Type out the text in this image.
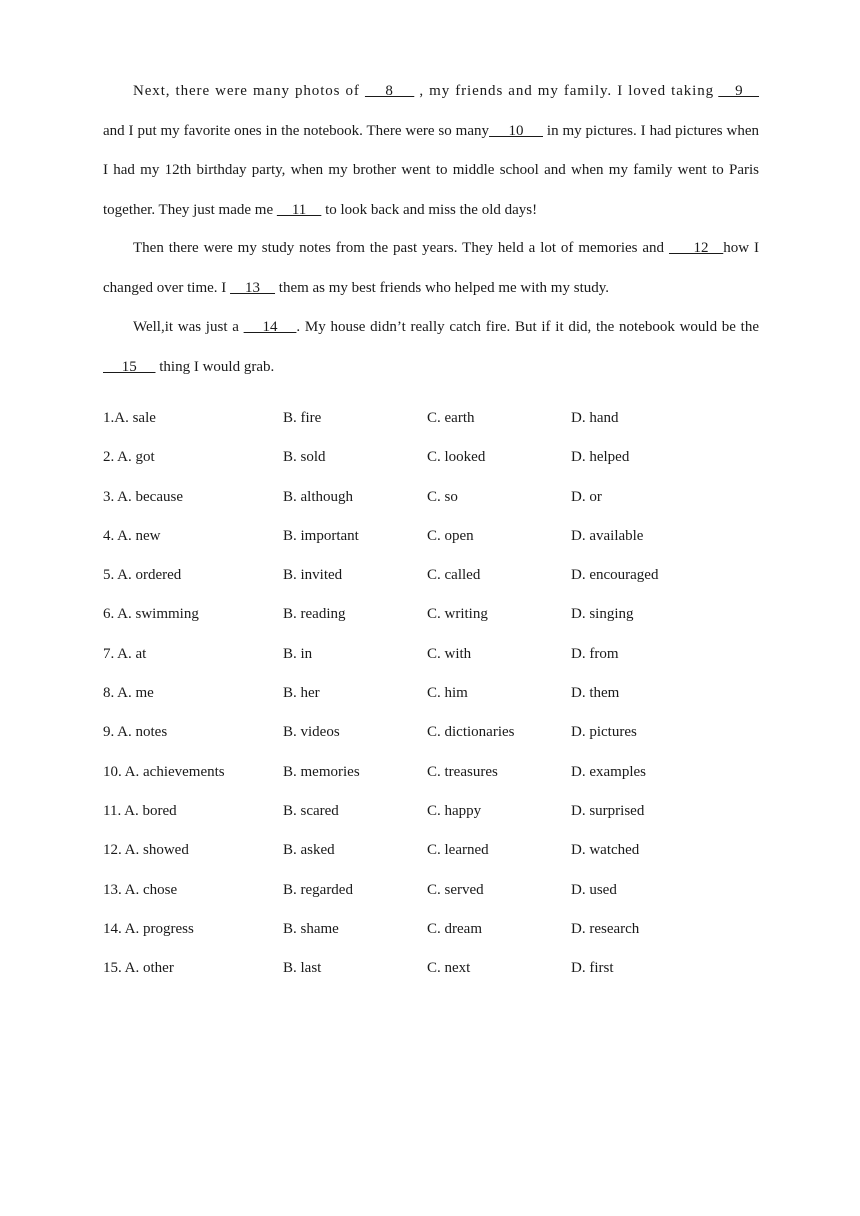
Next, there were many photos of     8     , my friends and my family. I loved taking     9     and I put my favorite ones in the notebook. There were so many     10      in my pictures. I had pictures when I had my 12th birthday party, when my brother went to middle school and when my family went to Paris together. They just made me     11     to look back and miss the old days!

Then there were my study notes from the past years. They held a lot of memories and      12   how I changed over time. I     13     them as my best friends who helped me with my study.

Well,it was just a     14    . My house didn’t really catch fire. But if it did, the notebook would be the     15      thing I would grab.

1.A. sale	B. fire	C. earth	D. hand
2. A. got	B. sold	C. looked	D. helped
3. A. because	B. although	C. so	D. or
4. A. new	B. important	C. open	D. available
5. A. ordered	B. invited	C. called	D. encouraged
6. A. swimming	B. reading	C. writing	D. singing
7. A. at	B. in	C. with	D. from
8. A. me	B. her	C. him	D. them
9. A. notes	B. videos	C. dictionaries	D. pictures
10. A. achievements	B. memories	C. treasures	D. examples
11. A. bored	B. scared	C. happy	D. surprised
12. A. showed	B. asked	C. learned	D. watched
13. A. chose	B. regarded	C. served	D. used
14. A. progress	B. shame	C. dream	D. research
15. A. other	B. last	C. next	D. first
